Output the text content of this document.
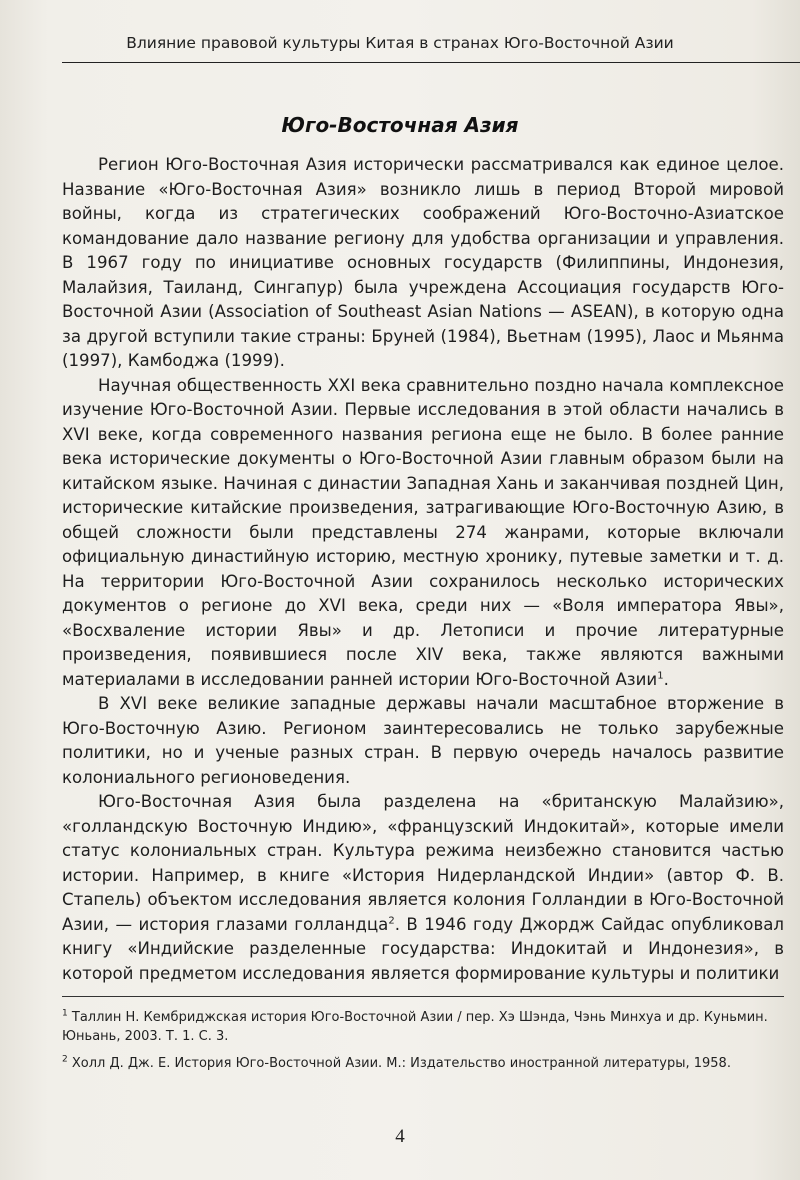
Влияние правовой культуры Китая в странах Юго-Восточной Азии
Юго-Восточная Азия

Регион Юго-Восточная Азия исторически рассматривался как единое целое. Название «Юго-Восточная Азия» возникло лишь в период Второй мировой войны, когда из стратегических соображений Юго-Восточно-Азиатское командование дало название региону для удобства организации и управления. В 1967 году по инициативе основных государств (Филиппины, Индонезия, Малайзия, Таиланд, Сингапур) была учреждена Ассоциация государств Юго-Восточной Азии (Association of Southeast Asian Nations — ASEAN), в которую одна за другой вступили такие страны: Бруней (1984), Вьетнам (1995), Лаос и Мьянма (1997), Камбоджа (1999).

Научная общественность XXI века сравнительно поздно начала комплексное изучение Юго-Восточной Азии. Первые исследования в этой области начались в XVI веке, когда современного названия региона еще не было. В более ранние века исторические документы о Юго-Восточной Азии главным образом были на китайском языке. Начиная с династии Западная Хань и заканчивая поздней Цин, исторические китайские произведения, затрагивающие Юго-Восточную Азию, в общей сложности были представлены 274 жанрами, которые включали официальную династийную историю, местную хронику, путевые заметки и т. д. На территории Юго-Восточной Азии сохранилось несколько исторических документов о регионе до XVI века, среди них — «Воля императора Явы», «Восхваление истории Явы» и др. Летописи и прочие литературные произведения, появившиеся после XIV века, также являются важными материалами в исследовании ранней истории Юго-Восточной Азии$^1$.

В XVI веке великие западные державы начали масштабное вторжение в Юго-Восточную Азию. Регионом заинтересовались не только зарубежные политики, но и ученые разных стран. В первую очередь началось развитие колониального регионоведения.

Юго-Восточная Азия была разделена на «британскую Малайзию», «голландскую Восточную Индию», «французский Индокитай», которые имели статус колониальных стран. Культура режима неизбежно становится частью истории. Например, в книге «История Нидерландской Индии» (автор Ф. В. Стапель) объектом исследования является колония Голландии в Юго-Восточной Азии, — история глазами голландца$^2$. В 1946 году Джордж Сайдас опубликовал книгу «Индийские разделенные государства: Индокитай и Индонезия», в которой предметом исследования является формирование культуры и политики

$^1$ Таллин Н. Кембриджская история Юго-Восточной Азии / пер. Хэ Шэнда, Чэнь Минхуа и др. Куньмин. Юньань, 2003. Т. 1. С. 3.

$^2$ Холл Д. Дж. Е. История Юго-Восточной Азии. М.: Издательство иностранной литературы, 1958.

4
